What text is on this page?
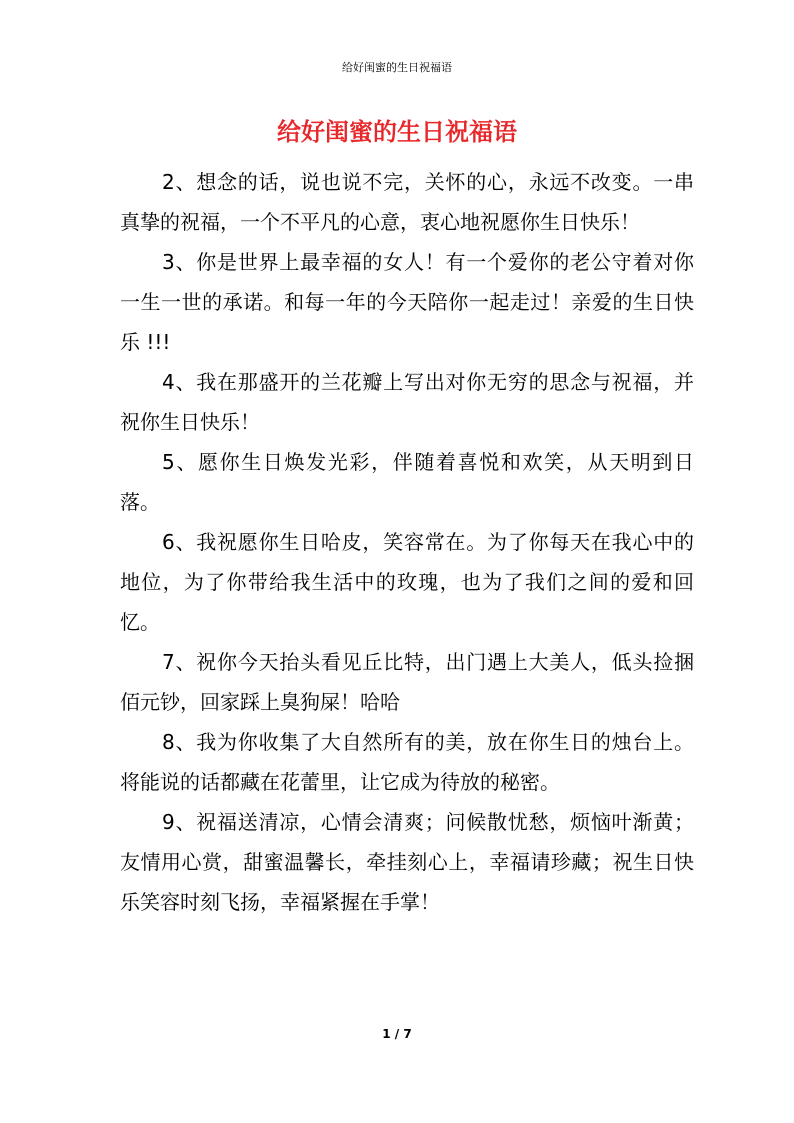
给好闺蜜的生日祝福语
给好闺蜜的生日祝福语

2、想念的话，说也说不完，关怀的心，永远不改变。一串真挚的祝福，一个不平凡的心意，衷心地祝愿你生日快乐！

3、你是世界上最幸福的女人！有一个爱你的老公守着对你一生一世的承诺。和每一年的今天陪你一起走过！亲爱的生日快乐 !!!

4、我在那盛开的兰花瓣上写出对你无穷的思念与祝福，并祝你生日快乐！

5、愿你生日焕发光彩，伴随着喜悦和欢笑，从天明到日落。

6、我祝愿你生日哈皮，笑容常在。为了你每天在我心中的地位，为了你带给我生活中的玫瑰，也为了我们之间的爱和回忆。

7、祝你今天抬头看见丘比特，出门遇上大美人，低头捡捆佰元钞，回家踩上臭狗屎！哈哈

8、我为你收集了大自然所有的美，放在你生日的烛台上。将能说的话都藏在花蕾里，让它成为待放的秘密。

9、祝福送清凉，心情会清爽；问候散忧愁，烦恼叶渐黄；友情用心赏，甜蜜温馨长，牵挂刻心上，幸福请珍藏；祝生日快乐笑容时刻飞扬，幸福紧握在手掌！

1 / 7
